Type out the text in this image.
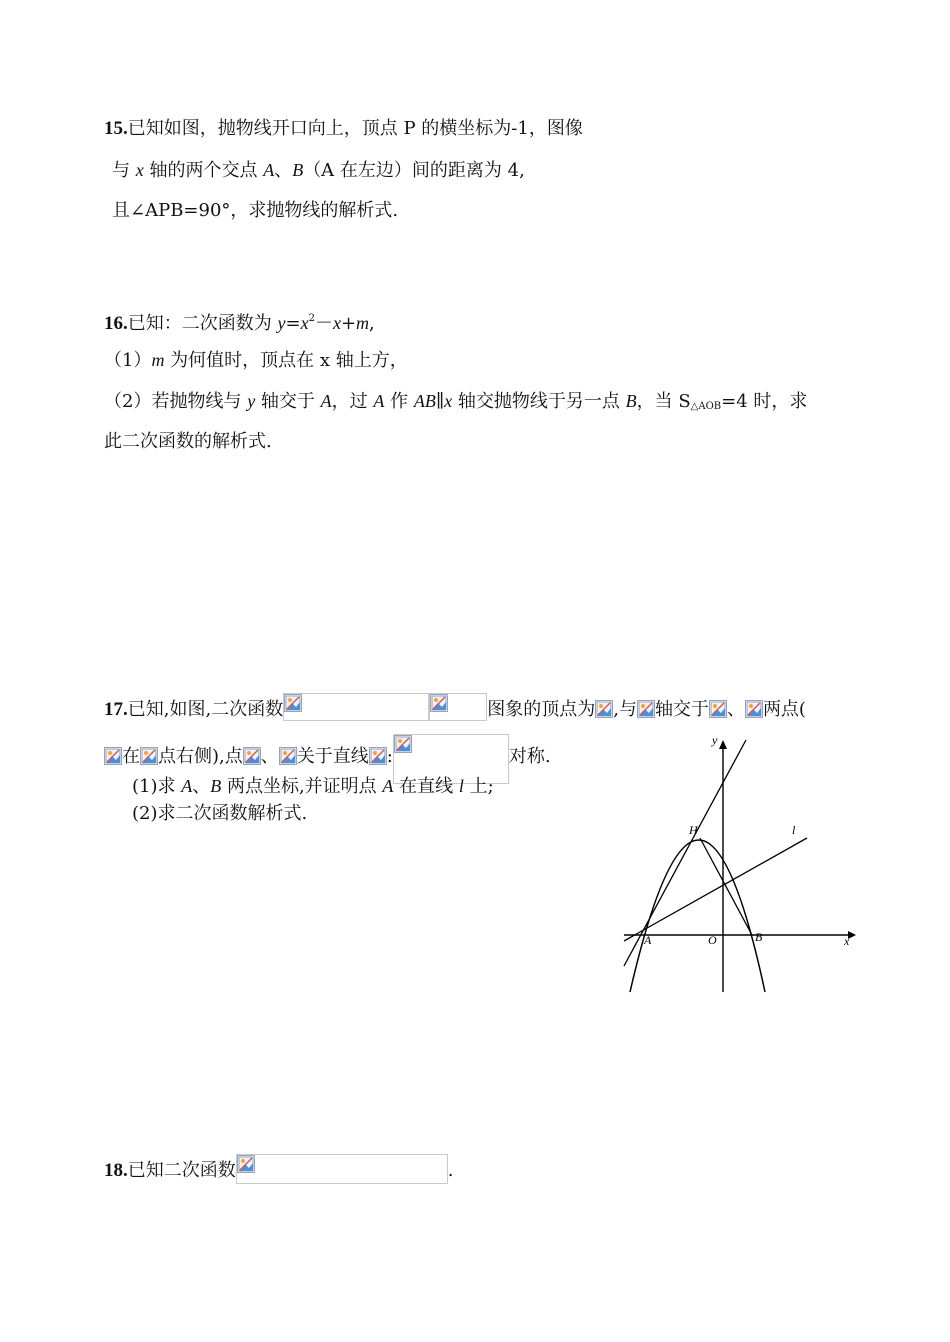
15.已知如图，抛物线开口向上，顶点 P 的横坐标为-1，图像
与 x 轴的两个交点 A、B（A 在左边）间的距离为 4,
且∠APB=90°，求抛物线的解析式.
16.已知：二次函数为 $y=x^2-x+m$,
（1）m 为何值时，顶点在 x 轴上方，
（2）若抛物线与 y 轴交于 A，过 A 作 AB∥x 轴交抛物线于另一点 B，当 $S_{\triangle AOB}=4$ 时，求
此二次函数的解析式.
17.已知,如图,二次函数	图象的顶点为 ,与 轴交于 、 两点(
在 点右侧),点 、 关于直线 :	对称.
(1)求 A、B 两点坐标,并证明点 A 在直线 l 上;
(2)求二次函数解析式.
y
x
H	l
A	O	B
18.已知二次函数	.
